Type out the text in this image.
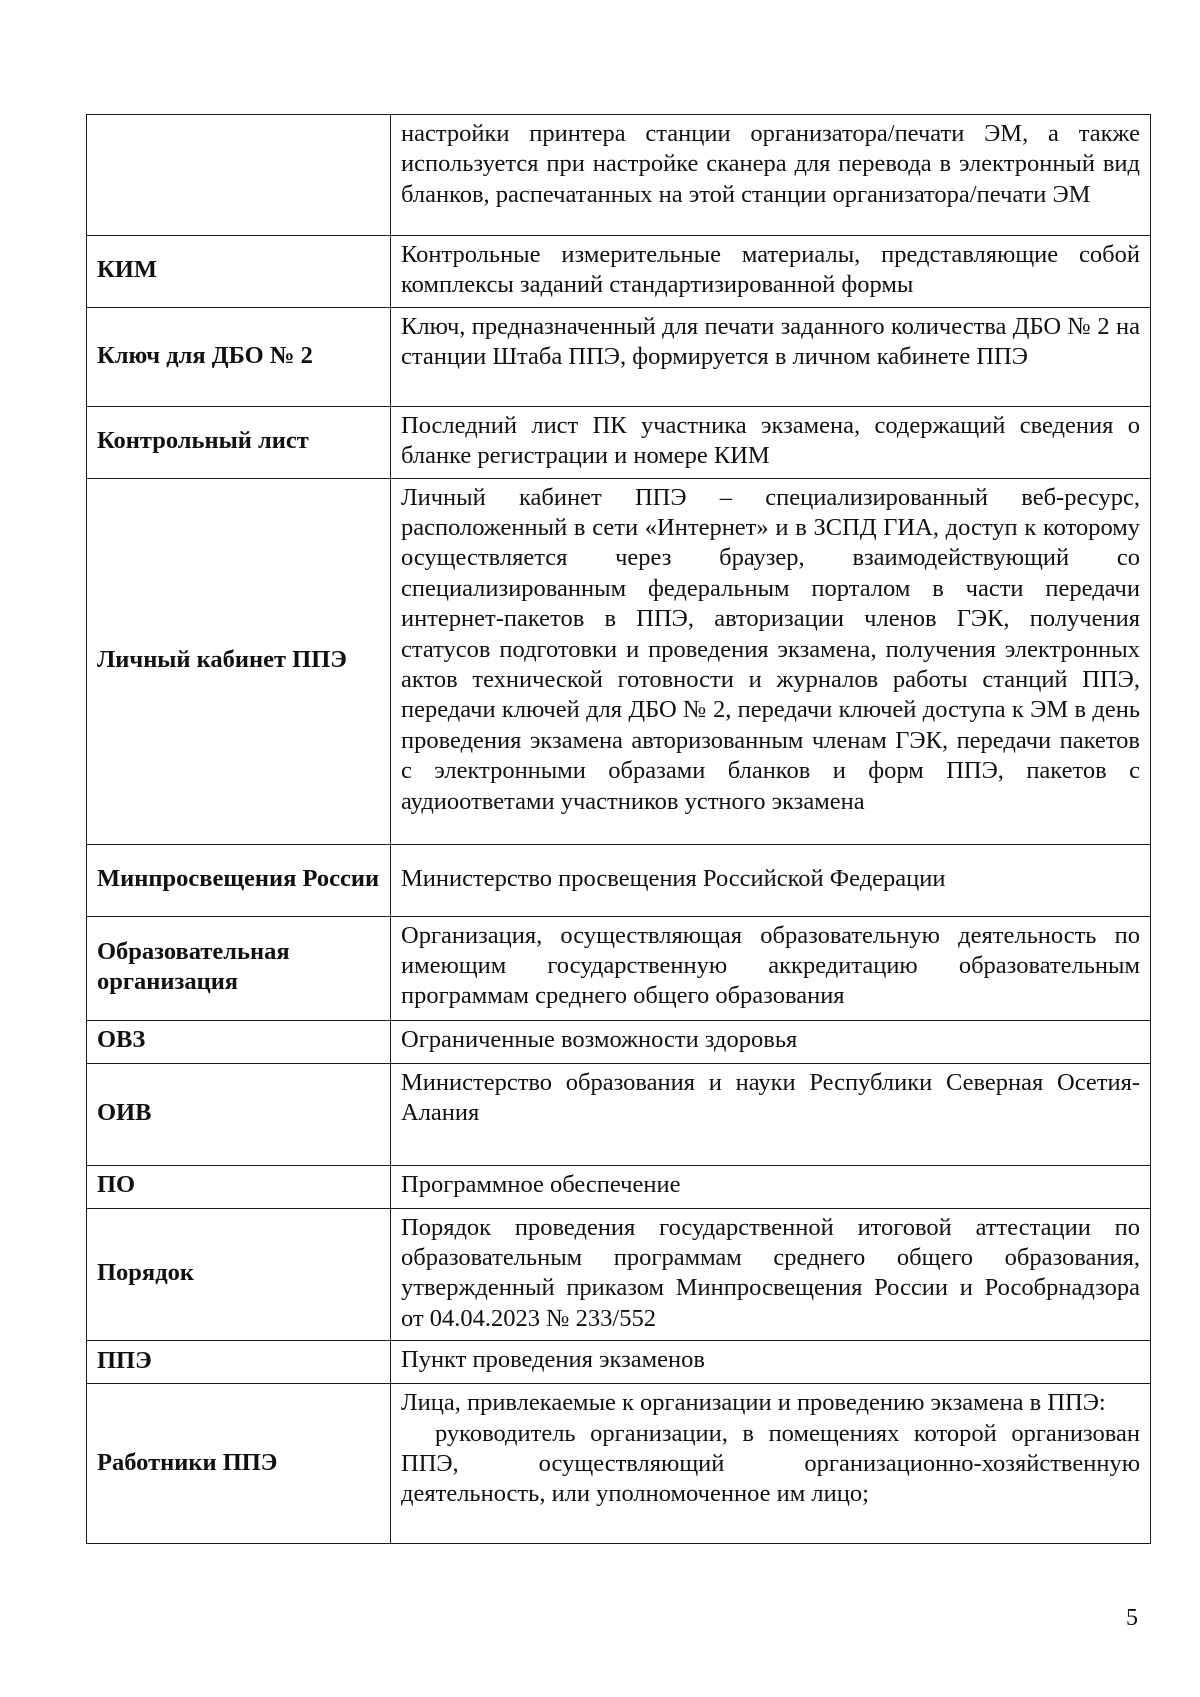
	настройки принтера станции организатора/печати ЭМ, а также используется при настройке сканера для перевода в электронный вид бланков, распечатанных на этой станции организатора/печати ЭМ
КИМ	Контрольные измерительные материалы, представляющие собой комплексы заданий стандартизированной формы
Ключ для ДБО № 2	Ключ, предназначенный для печати заданного количества ДБО № 2 на станции Штаба ППЭ, формируется в личном кабинете ППЭ
Контрольный лист	Последний лист ПК участника экзамена, содержащий сведения о бланке регистрации и номере КИМ
Личный кабинет ППЭ	Личный кабинет ППЭ – специализированный веб-ресурс, расположенный в сети «Интернет» и в ЗСПД ГИА, доступ к которому осуществляется через браузер, взаимодействующий со специализированным федеральным порталом в части передачи интернет-пакетов в ППЭ, авторизации членов ГЭК, получения статусов подготовки и проведения экзамена, получения электронных актов технической готовности и журналов работы станций ППЭ, передачи ключей для ДБО № 2, передачи ключей доступа к ЭМ в день проведения экзамена авторизованным членам ГЭК, передачи пакетов с электронными образами бланков и форм ППЭ, пакетов с аудиоответами участников устного экзамена
Минпросвещения России	Министерство просвещения Российской Федерации
Образовательная организация	Организация, осуществляющая образовательную деятельность по имеющим государственную аккредитацию образовательным программам среднего общего образования
ОВЗ	Ограниченные возможности здоровья
ОИВ	Министерство образования и науки Республики Северная Осетия-Алания
ПО	Программное обеспечение
Порядок	Порядок проведения государственной итоговой аттестации по образовательным программам среднего общего образования, утвержденный приказом Минпросвещения России и Рособрнадзора от 04.04.2023 № 233/552
ППЭ	Пункт проведения экзаменов
Работники ППЭ	Лица, привлекаемые к организации и проведению экзамена в ППЭ:
руководитель организации, в помещениях которой организован ППЭ, осуществляющий организационно-хозяйственную деятельность, или уполномоченное им лицо;
5
